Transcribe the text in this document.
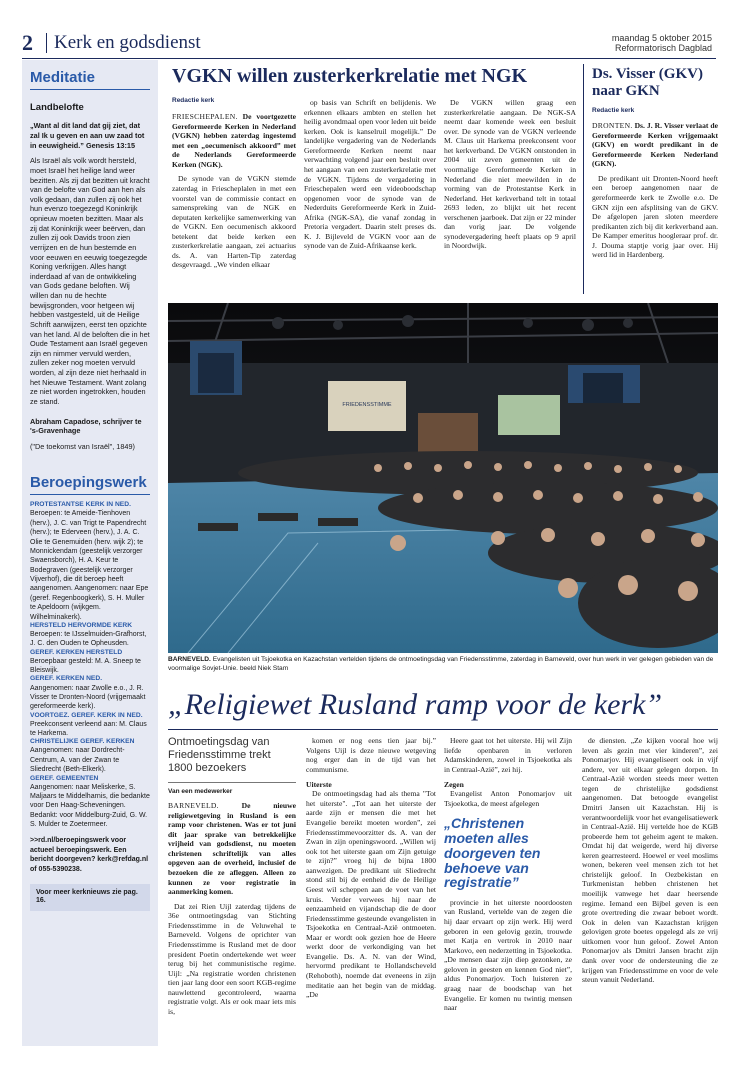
2 Kerk en godsdienst	maandag 5 oktober 2015
Reformatorisch Dagblad
Meditatie
Landbelofte
„Want al dit land dat gij ziet, dat zal Ik u geven en aan uw zaad tot in eeuwigheid.” Genesis 13:15
Als Israël als volk wordt hersteld, moet Israël het heilige land weer bezitten. Als zij dat bezitten uit kracht van de belofte van God aan hen als volk gedaan, dan zullen zij ook het hun evenzo toegezegd Koninkrijk opnieuw moeten bezitten. Maar als zij dat Koninkrijk weer beërven, dan zullen zij ook Davids troon zien verrijzen en de hun bestemde en voor eeuwen en eeuwig toegezegde Koning verkrijgen. Alles hangt inderdaad af van de ontwikkeling van Gods gedane beloften. Wij willen dan nu de hechte bewijsgronden, voor hetgeen wij hebben vastgesteld, uit de Heilige Schrift aanwijzen, eerst ten opzichte van het land. Al de beloften die in het Oude Testament aan Israël gegeven zijn en nimmer vervuld werden, zullen zeker nog moeten vervuld worden, al zijn deze niet herhaald in het Nieuwe Testament. Want zolang ze niet worden ingetrokken, houden ze stand.
Abraham Capadose, schrijver te 's-Gravenhage
("De toekomst van Israël", 1849)
Beroepingswerk
PROTESTANTSE KERK IN NED.
Beroepen: te Ameide-Tienhoven (herv.), J. C. van Trigt te Papendrecht (herv.); te Ederveen (herv.), J. A. C. Olie te Genemuiden (herv. wijk 2); te Monnickendam (geestelijk verzorger Swaensborch), H. A. Keur te Bodegraven (geestelijk verzorger Vijverhof), die dit beroep heeft aangenomen. Aangenomen: naar Epe (geref. Regenboogkerk), S. H. Muller te Apeldoorn (wijkgem. Wilhelminakerk).
HERSTELD HERVORMDE KERK
Beroepen: te IJsselmuiden-Grafhorst, J. C. den Ouden te Opheusden.
GEREF. KERKEN HERSTELD
Beroepbaar gesteld: M. A. Sneep te Bleiswijk.
GEREF. KERKEN NED.
Aangenomen: naar Zwolle e.o., J. R. Visser te Dronten-Noord (vrijgemaakt gereformeerde kerk).
VOORTGEZ. GEREF. KERK IN NED.
Preekconsent verleend aan: M. Claus te Harkema.
CHRISTELIJKE GEREF. KERKEN
Aangenomen: naar Dordrecht-Centrum, A. van der Zwan te Sliedrecht (Beth-Elkerk).
GEREF. GEMEENTEN
Aangenomen: naar Meliskerke, S. Maljaars te Middelharnis, die bedankte voor Den Haag-Scheveningen. Bedankt: voor Middelburg-Zuid, G. W. S. Mulder te Zoetermeer.
>>rd.nl/beroepingswerk voor actueel beroepingswerk. Een bericht doorgeven? kerk@refdag.nl of 055-5390238.
Voor meer kerknieuws zie pag. 16.
VGKN willen zusterkerkrelatie met NGK
Redactie kerk

FRIESCHEPALEN. De voortgezette Gereformeerde Kerken in Nederland (VGKN) hebben zaterdag ingestemd met een „oecumenisch akkoord” met de Nederlands Gereformeerde Kerken (NGK).

De synode van de VGKN stemde zaterdag in Friescheplalen in met een voorstel van de commissie contact en samenspreking van de NGK en deputaten kerkelijke samenwerking van de VGKN. Een oecumenisch akkoord betekent dat beide kerken een zusterkerkrelatie aangaan, zei actuarius ds. A. van Harten-Tip zaterdag desgevraagd. „We vinden elkaar

op basis van Schrift en belijdenis. We erkennen elkaars ambten en stellen het heilig avondmaal open voor leden uit beide kerken. Ook is kanselruil mogelijk.” De landelijke vergadering van de Nederlands Gereformeerde Kerken neemt naar verwachting volgend jaar een besluit over het aangaan van een zusterkerkrelatie met de VGKN. Tijdens de vergadering in Frieschepalen werd een videoboodschap opgenomen voor de synode van de Nederduits Gereformeerde Kerk in Zuid-Afrika (NGK-SA), die vanaf zondag in Pretoria vergadert. Daarin stelt preses ds. K. J. Bijleveld de VGKN voor aan de synode van de Zuid-Afrikaanse kerk.

De VGKN willen graag een zusterkerkrelatie aangaan. De NGK-SA neemt daar komende week een besluit over. De synode van de VGKN verleende M. Claus uit Harkema preekconsent voor het kerkverband. De VGKN ontstonden in 2004 uit zeven gemeenten uit de voormalige Gereformeerde Kerken in Nederland die niet meewilden in de vorming van de Protestantse Kerk in Nederland. Het kerkverband telt in totaal 2693 leden, zo blijkt uit het recent verschenen jaarboek. Dat zijn er 22 minder dan vorig jaar. De volgende synodevergadering heeft plaats op 9 april in Noordwijk.

Ds. Visser (GKV) naar GKN
Redactie kerk

DRONTEN. Ds. J. R. Visser verlaat de Gereformeerde Kerken vrijgemaakt (GKV) en wordt predikant in de Gereformeerde Kerken Nederland (GKN).

De predikant uit Dronten-Noord heeft een beroep aangenomen naar de gereformeerde kerk te Zwolle e.o. De GKN zijn een afsplitsing van de GKV. De afgelopen jaren sloten meerdere predikanten zich bij dit kerkverband aan. De Kamper emeritus hoogleraar prof. dr. J. Douma staptje vorig jaar over. Hij werd lid in Hardenberg.

FRIEDENSSTIMME
BARNEVELD. Evangelisten uit Tsjoekotka en Kazachstan vertelden tijdens de ontmoetingsdag van Friedensstimme, zaterdag in Barneveld, over hun werk in ver gelegen gebieden van de voormalige Sovjet-Unie. beeld Niek Stam
„Religiewet Rusland ramp voor de kerk”
Ontmoetingsdag van Friedensstimme trekt 1800 bezoekers
Van een medewerker

BARNEVELD.	De nieuwe religiewetgeving in Rusland is een ramp voor christenen. Was er tot juni dit jaar sprake van betrekkelijke vrijheid van godsdienst, nu moeten christenen schriftelijk van alles opgeven aan de overheid, inclusief de bezoeken die ze afleggen. Alleen zo kunnen ze voor registratie in aanmerking komen.

Dat zei Rien Uijl zaterdag tijdens de 36e ontmoetingsdag van Stichting Friedensstimme in de Veluwehal te Barneveld. Volgens de oprichter van Friedensstimme is Rusland met de door president Poetin ondertekende wet weer terug bij het communistische regime. Uijl: „Na registratie worden christenen tien jaar lang door een soort KGB-regime nauwlettend gecontroleerd, waarna registratie volgt. Als er ook maar iets mis is,

komen er nog eens tien jaar bij.” Volgens Uijl is deze nieuwe wetgeving nog erger dan in de tijd van het communisme.

Uiterste

De ontmoetingsdag had als thema "Tot het uiterste". „Tot aan het uiterste der aarde zijn er mensen die met het Evangelie bereikt moeten worden”, zei Friedensstimmevoorzitter ds. A. van der Zwan in zijn openingswoord. „Willen wij ook tot het uiterste gaan om Zijn getuige te zijn?” vroeg hij de bijna 1800 aanwezigen. De predikant uit Sliedrecht stond stil bij de eenheid die de Heilige Geest wil scheppen aan de voet van het kruis. Verder verwees hij naar de eenzaamheid en vijandschap die de door Friedensstimme gesteunde evangelisten in Tsjoekotka en Centraal-Azië ontmoeten. Maar er wordt ook gezien hoe de Heere werkt door de verkondiging van het Evangelie. Ds. A. N. van der Wind, hervormd predikant te Hollandscheveld (Rehoboth), noemde dat eveneens in zijn meditatie aan het begin van de middag. „De

Heere gaat tot het uiterste. Hij wil Zijn liefde openbaren in verloren Adamskinderen, zowel in Tsjoekotka als in Centraal-Azië”, zei hij.

Zegen

Evangelist Anton Ponomarjov uit Tsjoekotka, de meest afgelegen

„Christenen moeten alles doorgeven ten behoeve van registratie”

provincie in het uiterste noordoosten van Rusland, vertelde van de zegen die hij daar ervaart op zijn werk. Hij werd geboren in een gelovig gezin, trouwde met Katja en vertrok in 2010 naar Markovo, een nederzetting in Tsjoekotka. „De mensen daar zijn diep gezonken, ze geloven in geesten en kennen God niet”, aldus Ponomarjov. Toch luisteren ze graag naar de boodschap van het Evangelie. Er komen nu twintig mensen naar

de diensten. „Ze kijken vooral hoe wij leven als gezin met vier kinderen”, zei Ponomarjov. Hij evangeliseert ook in vijf andere, ver uit elkaar gelegen dorpen. In Centraal-Azië worden steeds meer wetten tegen de christelijke godsdienst aangenomen. Dat betoogde evangelist Dmitri Jansen uit Kazachstan. Hij is verantwoordelijk voor het evangelisatiewerk in Centraal-Azië. Hij vertelde hoe de KGB probeerde hem tot geheim agent te maken. Omdat hij dat weigerde, werd hij diverse keren gearresteerd. Hoewel er veel moslims wonen, bekeren veel mensen zich tot het christelijk geloof. In Oezbekistan en Turkmenistan hebben christenen het moeilijk vanwege het daar heersende regime. Iemand een Bijbel geven is een grote overtreding die zwaar beboet wordt. Ook in delen van Kazachstan krijgen gelovigen grote boetes opgelegd als ze vrij uitkomen voor hun geloof. Zowel Anton Ponomarjov als Dmitri Jansen bracht zijn dank over voor de ondersteuning die ze krijgen van Friedensstimme en voor de vele steun vanuit Nederland.
